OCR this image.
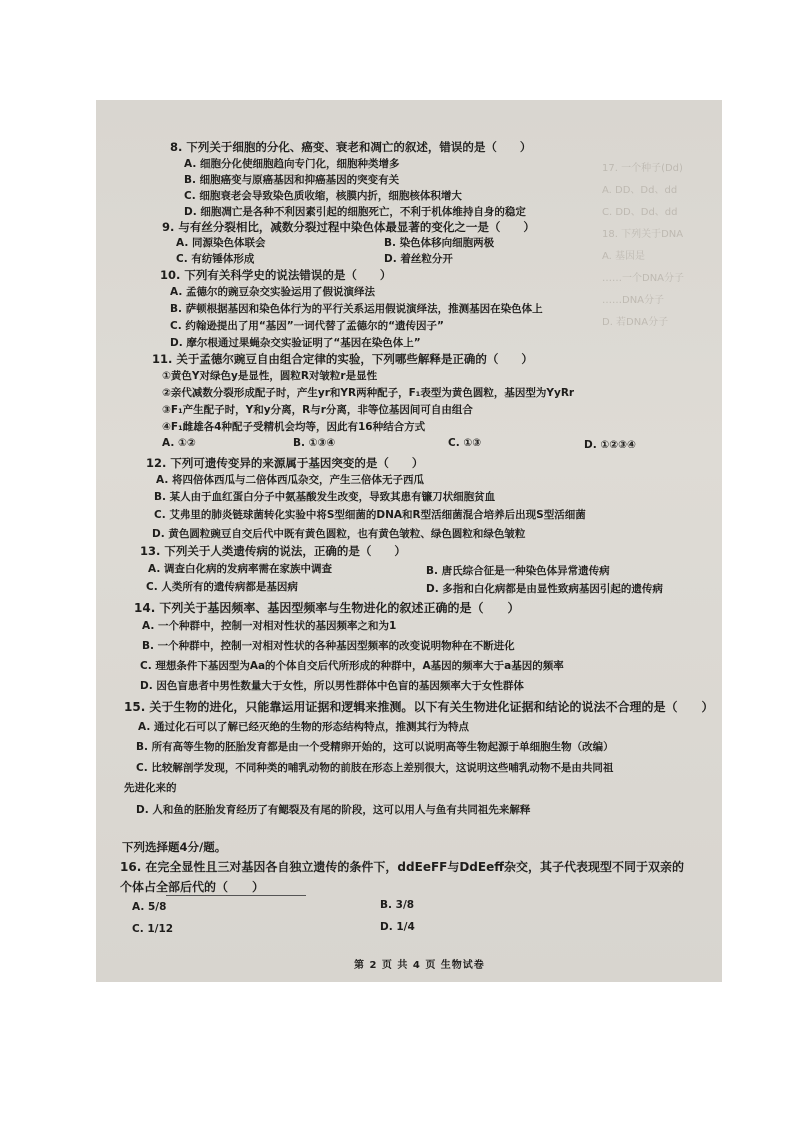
17. 一个种子(Dd)
A. DD、Dd、dd
C. DD、Dd、dd
18. 下列关于DNA
A. 基因是
……一个DNA分子
……DNA分子
D. 若DNA分子
8. 下列关于细胞的分化、癌变、衰老和凋亡的叙述，错误的是（　　）
A. 细胞分化使细胞趋向专门化，细胞种类增多
B. 细胞癌变与原癌基因和抑癌基因的突变有关
C. 细胞衰老会导致染色质收缩，核膜内折，细胞核体积增大
D. 细胞凋亡是各种不利因素引起的细胞死亡，不利于机体维持自身的稳定
9. 与有丝分裂相比，减数分裂过程中染色体最显著的变化之一是（　　）
A. 同源染色体联会	B. 染色体移向细胞两极
C. 有纺锤体形成	D. 着丝粒分开
10. 下列有关科学史的说法错误的是（　　）
A. 孟德尔的豌豆杂交实验运用了假说演绎法
B. 萨顿根据基因和染色体行为的平行关系运用假说演绎法，推测基因在染色体上
C. 约翰逊提出了用“基因”一词代替了孟德尔的“遗传因子”
D. 摩尔根通过果蝇杂交实验证明了“基因在染色体上”
11. 关于孟德尔豌豆自由组合定律的实验，下列哪些解释是正确的（　　）
①黄色Y对绿色y是显性，圆粒R对皱粒r是显性
②亲代减数分裂形成配子时，产生yr和YR两种配子，F₁表型为黄色圆粒，基因型为YyRr
③F₁产生配子时，Y和y分离，R与r分离，非等位基因间可自由组合
④F₁雌雄各4种配子受精机会均等，因此有16种结合方式
A. ①②	B. ①③④	C. ①③	D. ①②③④
12. 下列可遗传变异的来源属于基因突变的是（　　）
A. 将四倍体西瓜与二倍体西瓜杂交，产生三倍体无子西瓜
B. 某人由于血红蛋白分子中氨基酸发生改变，导致其患有镰刀状细胞贫血
C. 艾弗里的肺炎链球菌转化实验中将S型细菌的DNA和R型活细菌混合培养后出现S型活细菌
D. 黄色圆粒豌豆自交后代中既有黄色圆粒，也有黄色皱粒、绿色圆粒和绿色皱粒
13. 下列关于人类遗传病的说法，正确的是（　　）
A. 调查白化病的发病率需在家族中调查	B. 唐氏综合征是一种染色体异常遗传病
C. 人类所有的遗传病都是基因病	D. 多指和白化病都是由显性致病基因引起的遗传病
14. 下列关于基因频率、基因型频率与生物进化的叙述正确的是（　　）
A. 一个种群中，控制一对相对性状的基因频率之和为1
B. 一个种群中，控制一对相对性状的各种基因型频率的改变说明物种在不断进化
C. 理想条件下基因型为Aa的个体自交后代所形成的种群中，A基因的频率大于a基因的频率
D. 因色盲患者中男性数量大于女性，所以男性群体中色盲的基因频率大于女性群体
15. 关于生物的进化，只能靠运用证据和逻辑来推测。以下有关生物进化证据和结论的说法不合理的是（　　）
A. 通过化石可以了解已经灭绝的生物的形态结构特点，推测其行为特点
B. 所有高等生物的胚胎发育都是由一个受精卵开始的，这可以说明高等生物起源于单细胞生物（改编）
C. 比较解剖学发现，不同种类的哺乳动物的前肢在形态上差别很大，这说明这些哺乳动物不是由共同祖
先进化来的
D. 人和鱼的胚胎发育经历了有鳃裂及有尾的阶段，这可以用人与鱼有共同祖先来解释
下列选择题4分/题。
16. 在完全显性且三对基因各自独立遗传的条件下，ddEeFF与DdEeff杂交，其子代表现型不同于双亲的
个体占全部后代的（　　）
A. 5/8	B. 3/8
C. 1/12	D. 1/4
第 2 页 共 4 页 生物试卷
